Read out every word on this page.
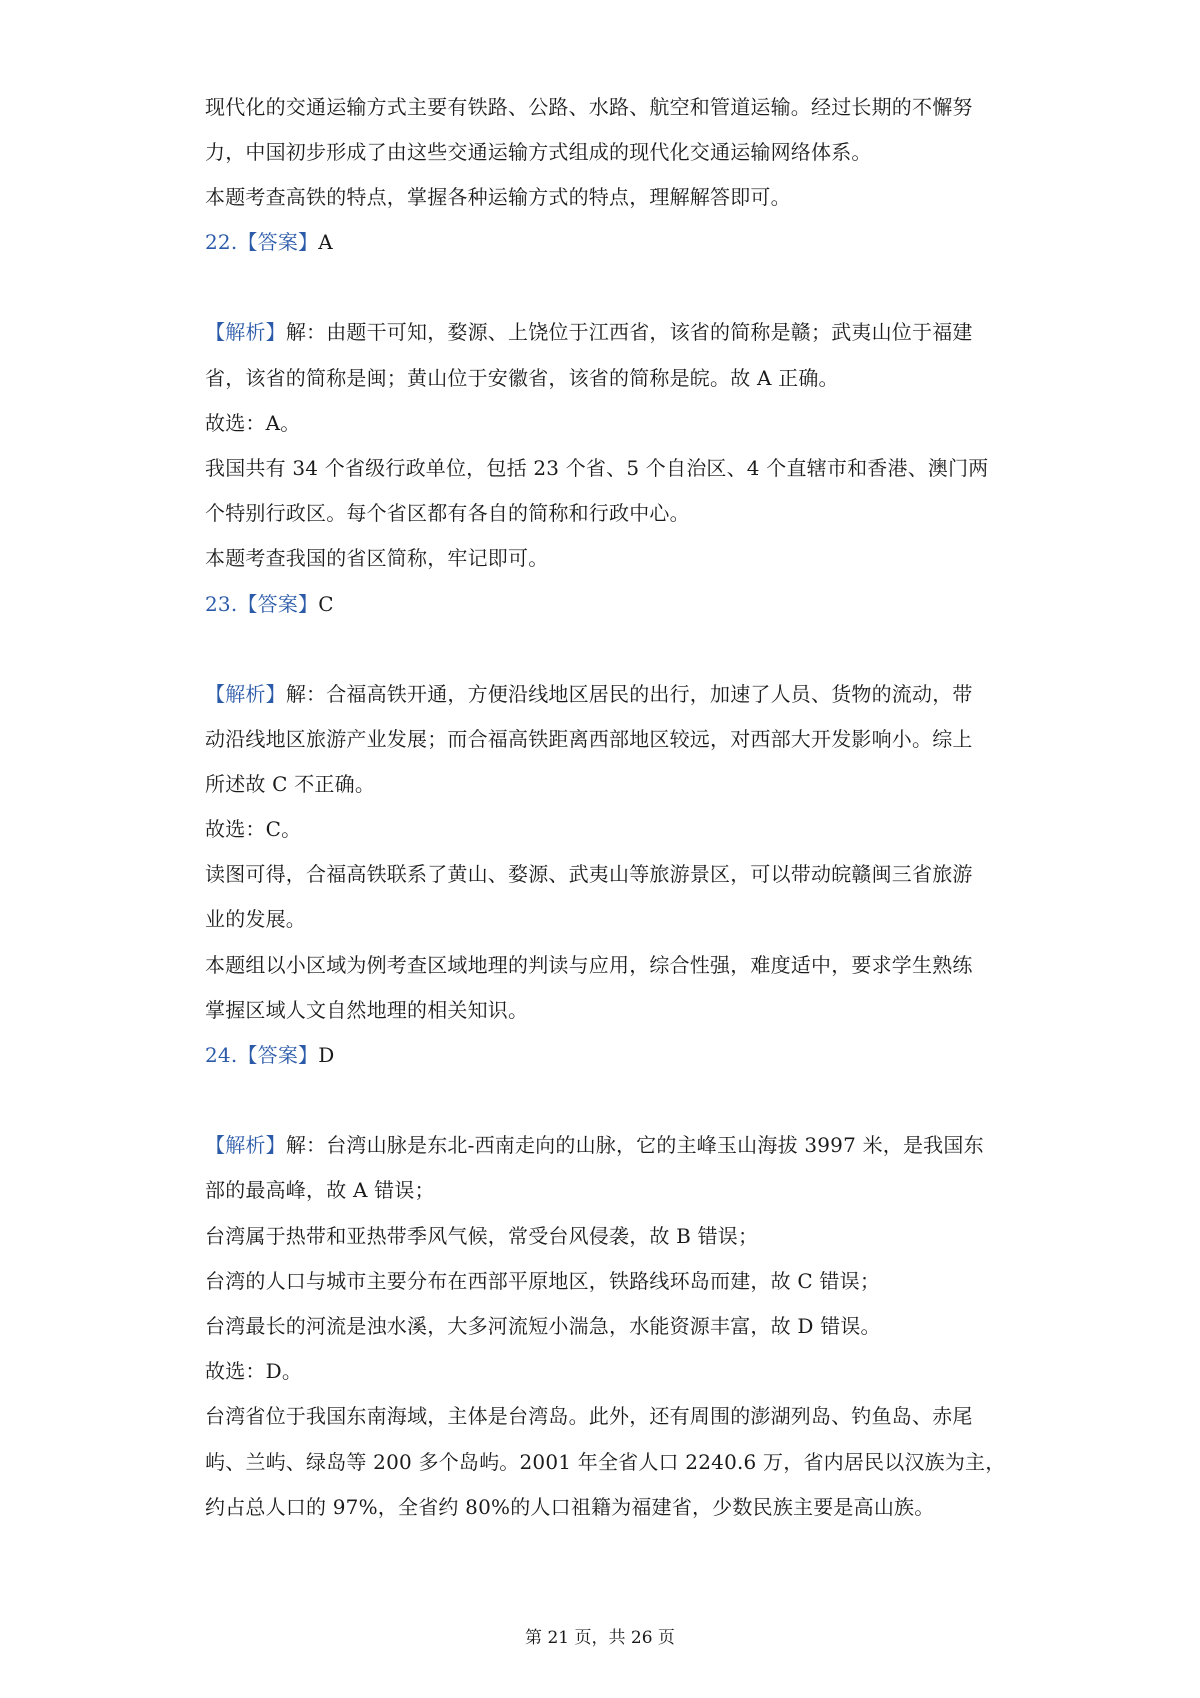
现代化的交通运输方式主要有铁路、公路、水路、航空和管道运输。经过长期的不懈努
力，中国初步形成了由这些交通运输方式组成的现代化交通运输网络体系。
本题考查高铁的特点，掌握各种运输方式的特点，理解解答即可。
22.【答案】A
【解析】解：由题干可知，婺源、上饶位于江西省，该省的简称是赣；武夷山位于福建
省，该省的简称是闽；黄山位于安徽省，该省的简称是皖。故 A 正确。
故选：A。
我国共有 34 个省级行政单位，包括 23 个省、5 个自治区、4 个直辖市和香港、澳门两
个特别行政区。每个省区都有各自的简称和行政中心。
本题考查我国的省区简称，牢记即可。
23.【答案】C
【解析】解：合福高铁开通，方便沿线地区居民的出行，加速了人员、货物的流动，带
动沿线地区旅游产业发展；而合福高铁距离西部地区较远，对西部大开发影响小。综上
所述故 C 不正确。
故选：C。
读图可得，合福高铁联系了黄山、婺源、武夷山等旅游景区，可以带动皖赣闽三省旅游
业的发展。
本题组以小区域为例考查区域地理的判读与应用，综合性强，难度适中，要求学生熟练
掌握区域人文自然地理的相关知识。
24.【答案】D
【解析】解：台湾山脉是东北-西南走向的山脉，它的主峰玉山海拔 3997 米，是我国东
部的最高峰，故 A 错误；
台湾属于热带和亚热带季风气候，常受台风侵袭，故 B 错误；
台湾的人口与城市主要分布在西部平原地区，铁路线环岛而建，故 C 错误；
台湾最长的河流是浊水溪，大多河流短小湍急，水能资源丰富，故 D 错误。
故选：D。
台湾省位于我国东南海域，主体是台湾岛。此外，还有周围的澎湖列岛、钓鱼岛、赤尾
屿、兰屿、绿岛等 200 多个岛屿。2001 年全省人口 2240.6 万，省内居民以汉族为主，
约占总人口的 97%，全省约 80%的人口祖籍为福建省，少数民族主要是高山族。
第 21 页，共 26 页
